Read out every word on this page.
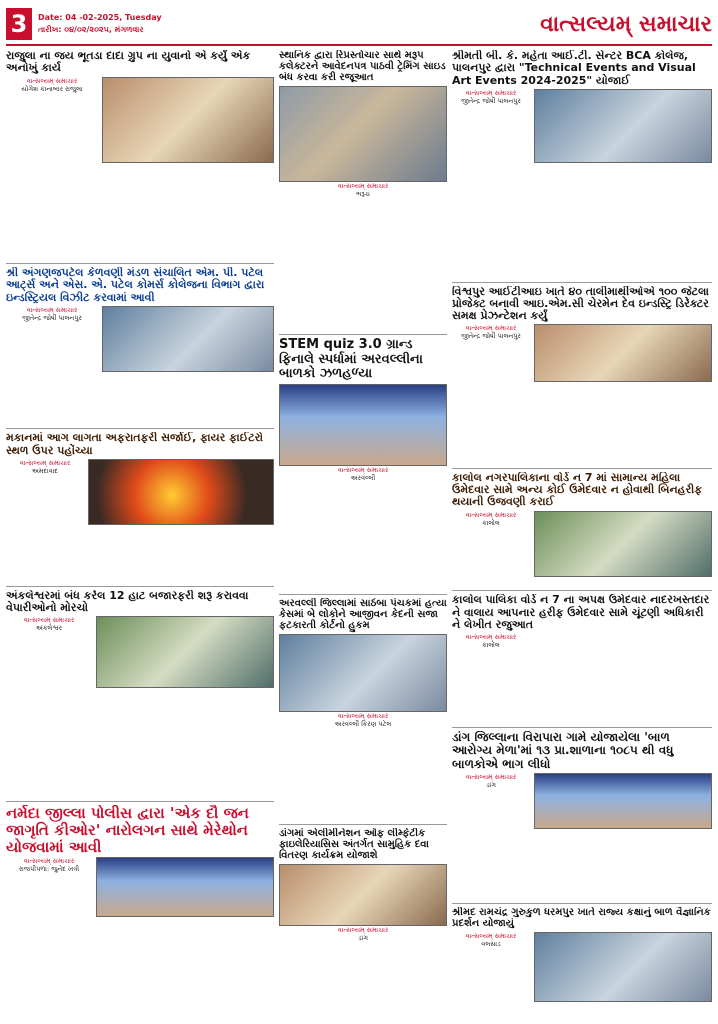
3	Date: 04 -02-2025, Tuesday
તારીખ: ૦૪/૦૨/૨૦૨૫, મંગળવાર	વાત્સલ્યમ્ સમાચાર
રાજુલા ના જય ભૂતડા દાદા ગ્રુપ ના યુવાનો એ કર્યું એક અનોખું કાર્ય
વાત્સલ્યમ્ સમાચાર
યોગેશ કાનાબાર રાજુલા

શ્રી અંગણજપટેલ કેળવણી મંડળ સંચાલિત એમ. પી. પટેલ આર્ટ્સ અને એસ. એ. પટેલ કોમર્સ કોલેજના વિભાગ દ્વારા ઇન્ડસ્ટ્રિયલ વિઝીટ કરવામાં આવી
વાત્સલ્યમ્ સમાચાર
જીતેન્દ્ર જોષી પાલનપુર
મકાનમાં આગ લાગતા અફરાતફરી સર્જાઈ, ફાયર ફાઈટરો સ્થળ ઉપર પહોંચ્યા
વાત્સલ્યમ્ સમાચાર
અમદાવાદ
અંકલેશ્વરમાં બંધ કરેલ 12 હાટ બજારફરી શરૂ કરાવવા વેપારીઓનો મોરચો
વાત્સલ્યમ્ સમાચાર
અંકલેશ્વર
નર્મદા જીલ્લા પોલીસ દ્વારા 'એક દૌ જન જાગૃતિ કીઓર' નારોલગન સાથે મેરેથોન યોજવામાં આવી
વાત્સલ્યમ્ સમાચાર
રાજપીપળા: જુનેદ ખત્રી
સ્થાનિક દ્વારા રિપ્રસ્તોચાર સાથે મરૂપ કલેક્ટરને આવેદનપત્ર પાઠવી ટ્રેમિંગ સાઇડ બંધ કરવા કરી રજૂઆત
વાત્સલ્યમ્ સમાચાર
ભરૂચ
STEM quiz 3.0 ગ્રાન્ડ ફિનાલે સ્પર્ધામાં અરવલ્લીના બાળકો ઝળહળ્યા
વાત્સલ્યમ્ સમાચાર
અરવલ્લી
અરવલ્લી જિલ્લામાં સાઠંબા પંચકમાં હત્યા કેસમાં બે લોકોને આજીવન કેદની સજા ફટકારતી કોર્ટનો હુકમ
વાત્સલ્યમ્ સમાચાર
અરવલ્લી કિરણ પટેલ
ડાંગમાં એલીમીનેશન ઑફ લીમ્ફેટીક ફાઇલેરિયાસિસ અંતર્ગત સામુહિક દવા વિતરણ કાર્યક્રમ યોજાશે
વાત્સલ્યમ્ સમાચાર
ડાંગ
શ્રીમતી બી. કે. મહેતા આઈ.ટી. સેન્ટર BCA કોલેજ, પાલનપુર દ્વારા "Technical Events and Visual Art Events 2024-2025" યોજાઈ
વાત્સલ્યમ્ સમાચાર
જીતેન્દ્ર જોષી પાલનપુર
વિશ્વપુર આઈટીઆઇ ખાતે ૪૦ તાલીમાર્થીઓએ ૧૦૦ જેટલા પ્રોજેક્ટ બનાવી આઇ.એમ.સી ચેરમેન દેવ ઇન્ડસ્ટ્રિ ડિરેક્ટર સમક્ષ પ્રેઝન્ટેશન કર્યું
વાત્સલ્યમ્ સમાચાર
જીતેન્દ્ર જોષી પાલનપુર
કાલોલ નગરપાલિકાના વોર્ડ ન 7 માં સામાન્ય મહિલા ઉમેદવાર સામે અન્ય કોઈ ઉમેદવાર ન હોવાથી બિનહરીફ થયાની ઉજવણી કરાઈ
વાત્સલ્યમ્ સમાચાર
કાલોલ
કાલોલ પાલિકા વોર્ડ ન 7 ના અપક્ષ ઉમેદવાર નાદરખસ્તદાર ને વાલાય આપનાર હરીફ ઉમેદવાર સામે ચૂંટણી અધિકારી ને લેખીત રજુઆત
વાત્સલ્યમ્ સમાચાર
કાલોલ
ડાંગ જિલ્લાના વિરાપારા ગામે યોજાયેલા 'બાળ આરોગ્ય મેળા'માં ૧૩ પ્રા.શાળાના ૧૦૮૫ થી વધુ બાળકોએ ભાગ લીધો
વાત્સલ્યમ્ સમાચાર
ડાંગ
શ્રીમદ રામચંદ્ર ગુરુકુળ ધરમપુર ખાતે રાજ્ય કક્ષાનું બાળ વૈજ્ઞાનિક પ્રદર્શન યોજાયું
વાત્સલ્યમ્ સમાચાર
વલસાડ
